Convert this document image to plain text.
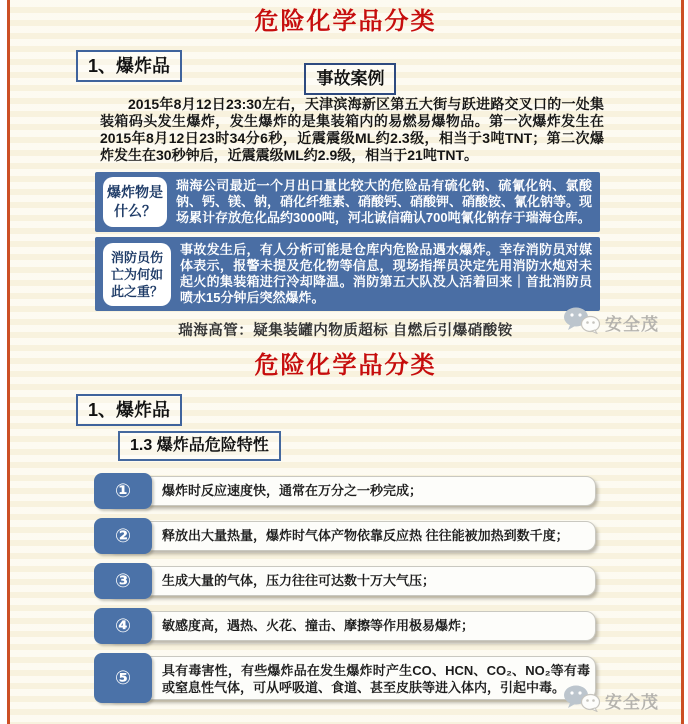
危险化学品分类
1、爆炸品 事故案例
2015年8月12日23:30左右，天津滨海新区第五大街与跃进路交叉口的一处集装箱码头发生爆炸，发生爆炸的是集装箱内的易燃易爆物品。第一次爆炸发生在2015年8月12日23时34分6秒，近震震级ML约2.3级，相当于3吨TNT；第二次爆炸发生在30秒钟后，近震震级ML约2.9级，相当于21吨TNT。
爆炸物是什么？
瑞海公司最近一个月出口量比较大的危险品有硫化钠、硫氰化钠、氯酸钠、钙、镁、钠，硝化纤维素、硝酸钙、硝酸钾、硝酸铵、氰化钠等。现场累计存放危化品约3000吨，河北诚信确认700吨氰化钠存于瑞海仓库。
消防员伤亡为何如此之重？
事故发生后，有人分析可能是仓库内危险品遇水爆炸。幸存消防员对媒体表示，报警未提及危化物等信息，现场指挥员决定先用消防水炮对未起火的集装箱进行冷却降温。消防第五大队没人活着回来｜首批消防员喷水15分钟后突然爆炸。
瑞海高管：疑集装罐内物质超标 自燃后引爆硝酸铵
危险化学品分类
1、爆炸品
1.3 爆炸品危险特性
①	爆炸时反应速度快，通常在万分之一秒完成；
②	释放出大量热量，爆炸时气体产物依靠反应热 往往能被加热到数千度；
③	生成大量的气体，压力往往可达数十万大气压；
④	敏感度高，遇热、火花、撞击、摩擦等作用极易爆炸；
⑤	具有毒害性，有些爆炸品在发生爆炸时产生CO、HCN、CO₂、NO₂等有毒或窒息性气体，可从呼吸道、食道、甚至皮肤等进入体内，引起中毒。
安全茂
安全茂
